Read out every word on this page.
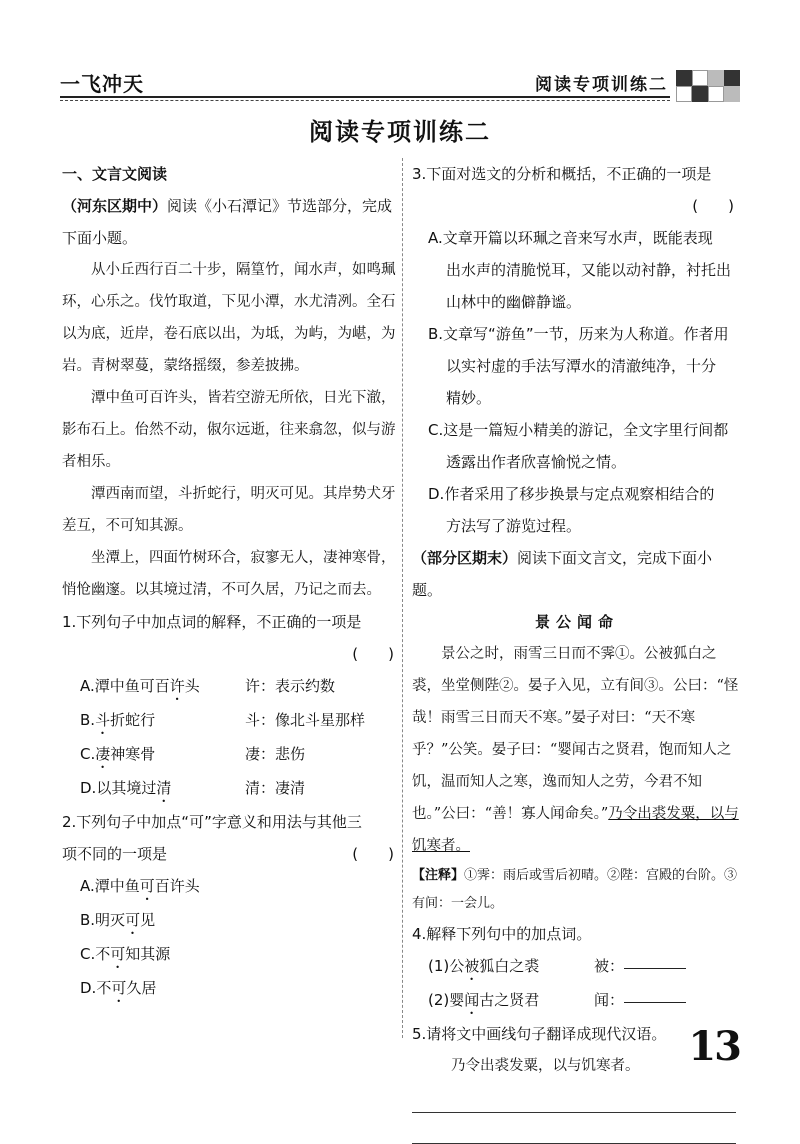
一飞冲天	阅读专项训练二
阅读专项训练二

一、文言文阅读

（河东区期中）阅读《小石潭记》节选部分，完成下面小题。

从小丘西行百二十步，隔篁竹，闻水声，如鸣珮环，心乐之。伐竹取道，下见小潭，水尤清冽。全石以为底，近岸，卷石底以出，为坻，为屿，为嵁，为岩。青树翠蔓，蒙络摇缀，参差披拂。

潭中鱼可百许头，皆若空游无所依，日光下澈，影布石上。佁然不动，俶尔远逝，往来翕忽，似与游者相乐。

潭西南而望，斗折蛇行，明灭可见。其岸势犬牙差互，不可知其源。

坐潭上，四面竹树环合，寂寥无人，凄神寒骨，悄怆幽邃。以其境过清，不可久居，乃记之而去。

1.下列句子中加点词的解释，不正确的一项是

(　　)

A.潭中鱼可百许头	许：表示约数
B.斗折蛇行	斗：像北斗星那样
C.凄神寒骨	凄：悲伤
D.以其境过清	清：凄清

2.下列句子中加点“可”字意义和用法与其他三

项不同的一项是	(　　)

A.潭中鱼可百许头
B.明灭可见
C.不可知其源
D.不可久居

3.下面对选文的分析和概括，不正确的一项是

(　　)

A.文章开篇以环珮之音来写水声，既能表现
出水声的清脆悦耳，又能以动衬静，衬托出
山林中的幽僻静谧。
B.文章写“游鱼”一节，历来为人称道。作者用
以实衬虚的手法写潭水的清澈纯净，十分
精妙。
C.这是一篇短小精美的游记，全文字里行间都
透露出作者欣喜愉悦之情。
D.作者采用了移步换景与定点观察相结合的
方法写了游览过程。

（部分区期末）阅读下面文言文，完成下面小题。

景公闻命

景公之时，雨雪三日而不霁①。公被狐白之裘，坐堂侧陛②。晏子入见，立有间③。公曰：“怪哉！雨雪三日而天不寒。”晏子对曰：“天不寒乎？”公笑。晏子曰：“婴闻古之贤君，饱而知人之饥，温而知人之寒，逸而知人之劳，今君不知也。”公曰：“善！寡人闻命矣。”乃令出裘发粟，以与饥寒者。

【注释】①霁：雨后或雪后初晴。②陛：宫殿的台阶。③有间：一会儿。

4.解释下列句中的加点词。

(1)公被狐白之裘	被：
(2)婴闻古之贤君	闻：

5.请将文中画线句子翻译成现代汉语。

乃令出裘发粟，以与饥寒者。	13
